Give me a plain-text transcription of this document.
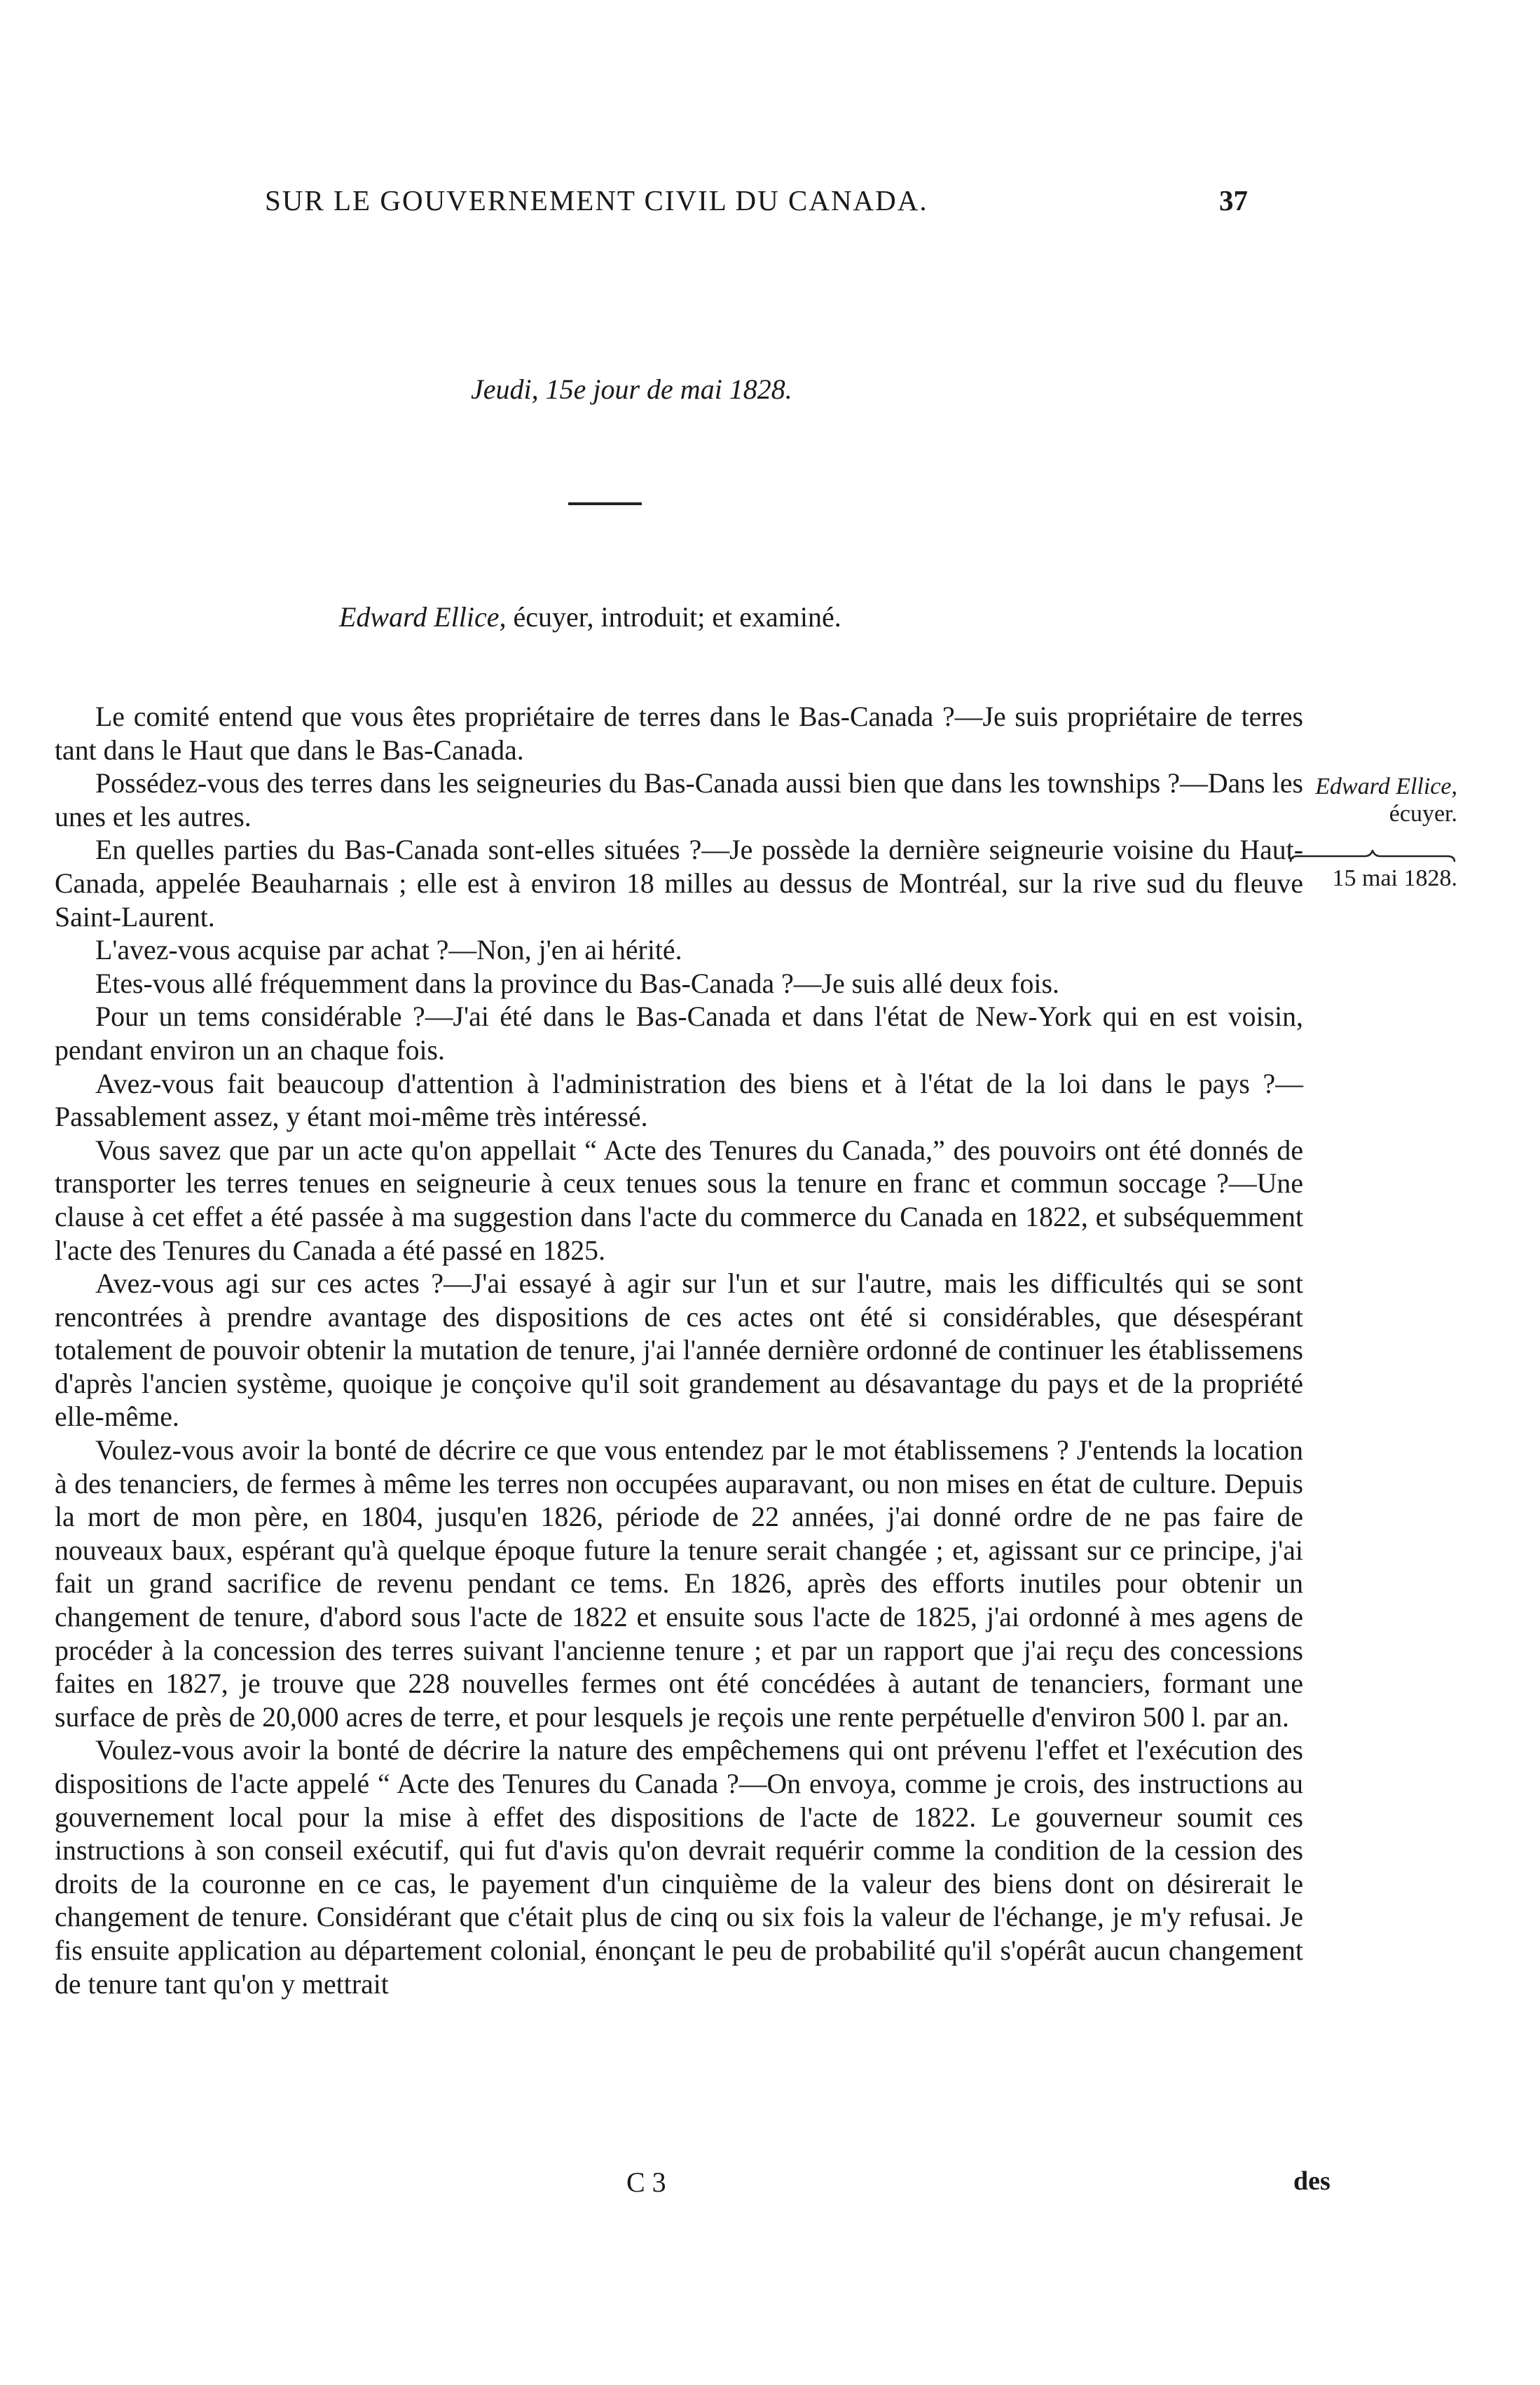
SUR LE GOUVERNEMENT CIVIL DU CANADA.	37
Jeudi, 15e jour de mai 1828.
Edward Ellice, écuyer, introduit; et examiné.

Le comité entend que vous êtes propriétaire de terres dans le Bas-Canada ?—Je suis propriétaire de terres tant dans le Haut que dans le Bas-Canada.

Possédez-vous des terres dans les seigneuries du Bas-Canada aussi bien que dans les townships ?—Dans les unes et les autres.

En quelles parties du Bas-Canada sont-elles situées ?—Je possède la dernière seigneurie voisine du Haut-Canada, appelée Beauharnais ; elle est à environ 18 milles au dessus de Montréal, sur la rive sud du fleuve Saint-Laurent.

L'avez-vous acquise par achat ?—Non, j'en ai hérité.

Etes-vous allé fréquemment dans la province du Bas-Canada ?—Je suis allé deux fois.

Pour un tems considérable ?—J'ai été dans le Bas-Canada et dans l'état de New-York qui en est voisin, pendant environ un an chaque fois.

Avez-vous fait beaucoup d'attention à l'administration des biens et à l'état de la loi dans le pays ?—Passablement assez, y étant moi-même très intéressé.

Vous savez que par un acte qu'on appellait “ Acte des Tenures du Canada,” des pouvoirs ont été donnés de transporter les terres tenues en seigneurie à ceux tenues sous la tenure en franc et commun soccage ?—Une clause à cet effet a été passée à ma suggestion dans l'acte du commerce du Canada en 1822, et subséquemment l'acte des Tenures du Canada a été passé en 1825.

Avez-vous agi sur ces actes ?—J'ai essayé à agir sur l'un et sur l'autre, mais les difficultés qui se sont rencontrées à prendre avantage des dispositions de ces actes ont été si considérables, que désespérant totalement de pouvoir obtenir la mutation de tenure, j'ai l'année dernière ordonné de continuer les établissemens d'après l'ancien système, quoique je conçoive qu'il soit grandement au désavantage du pays et de la propriété elle-même.

Voulez-vous avoir la bonté de décrire ce que vous entendez par le mot établissemens ? J'entends la location à des tenanciers, de fermes à même les terres non occupées auparavant, ou non mises en état de culture. Depuis la mort de mon père, en 1804, jusqu'en 1826, période de 22 années, j'ai donné ordre de ne pas faire de nouveaux baux, espérant qu'à quelque époque future la tenure serait changée ; et, agissant sur ce principe, j'ai fait un grand sacrifice de revenu pendant ce tems. En 1826, après des efforts inutiles pour obtenir un changement de tenure, d'abord sous l'acte de 1822 et ensuite sous l'acte de 1825, j'ai ordonné à mes agens de procéder à la concession des terres suivant l'ancienne tenure ; et par un rapport que j'ai reçu des concessions faites en 1827, je trouve que 228 nouvelles fermes ont été concédées à autant de tenanciers, formant une surface de près de 20,000 acres de terre, et pour lesquels je reçois une rente perpétuelle d'environ 500 l. par an.

Voulez-vous avoir la bonté de décrire la nature des empêchemens qui ont prévenu l'effet et l'exécution des dispositions de l'acte appelé “ Acte des Tenures du Canada ?—On envoya, comme je crois, des instructions au gouvernement local pour la mise à effet des dispositions de l'acte de 1822. Le gouverneur soumit ces instructions à son conseil exécutif, qui fut d'avis qu'on devrait requérir comme la condition de la cession des droits de la couronne en ce cas, le payement d'un cinquième de la valeur des biens dont on désirerait le changement de tenure. Considérant que c'était plus de cinq ou six fois la valeur de l'échange, je m'y refusai. Je fis ensuite application au département colonial, énonçant le peu de probabilité qu'il s'opérât aucun changement de tenure tant qu'on y mettrait

Edward Ellice,
écuyer.
15 mai 1828.
C 3	des
